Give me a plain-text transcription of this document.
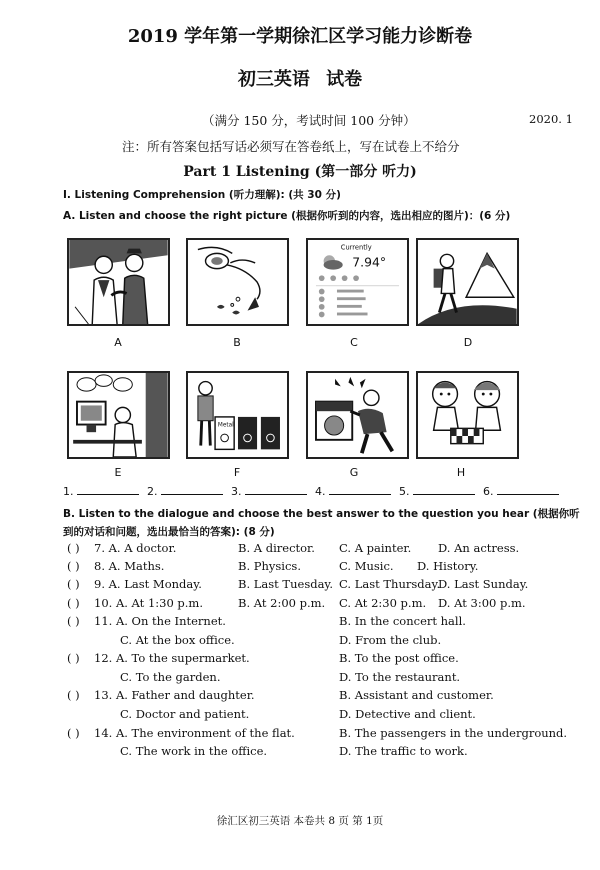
2019 学年第一学期徐汇区学习能力诊断卷
初三英语 试卷
（满分 150 分，考试时间 100 分钟）	2020. 1
注：所有答案包括写话必须写在答卷纸上，写在试卷上不给分
Part 1 Listening (第一部分 听力)
I. Listening Comprehension (听力理解): (共 30 分)
A. Listen and choose the right picture (根据你听到的内容，选出相应的图片)：(6 分)
A	B
Currently
7.94°
C	D
E
Metal
F	G	H
1.	2.	3.	4.	5.	6.
B. Listen to the dialogue and choose the best answer to the question you hear (根据你听到的对话和问题，选出最恰当的答案): (8 分)
( ) 7. A. A doctor.	B. A director. C. A painter. D. An actress.
( ) 8. A. Maths.	B. Physics.	C. Music. D. History.
( ) 9. A. Last Monday.	B. Last Tuesday. C. Last Thursday.
D. Last Sunday.
( ) 10. A. At 1:30 p.m.	B. At 2:00 p.m. C. At 2:30 p.m. D. At 3:00 p.m.
( ) 11. A. On the Internet.	B. In the concert hall.
C. At the box office.	D. From the club.
( ) 12. A. To the supermarket.	B. To the post office.
C. To the garden.	D. To the restaurant.
( ) 13. A. Father and daughter.	B. Assistant and customer.
C. Doctor and patient.	D. Detective and client.
( ) 14. A. The environment of the flat.	B. The passengers in the underground.
C. The work in the office.	D. The traffic to work.
徐汇区初三英语 本卷共 8 页 第 1页
